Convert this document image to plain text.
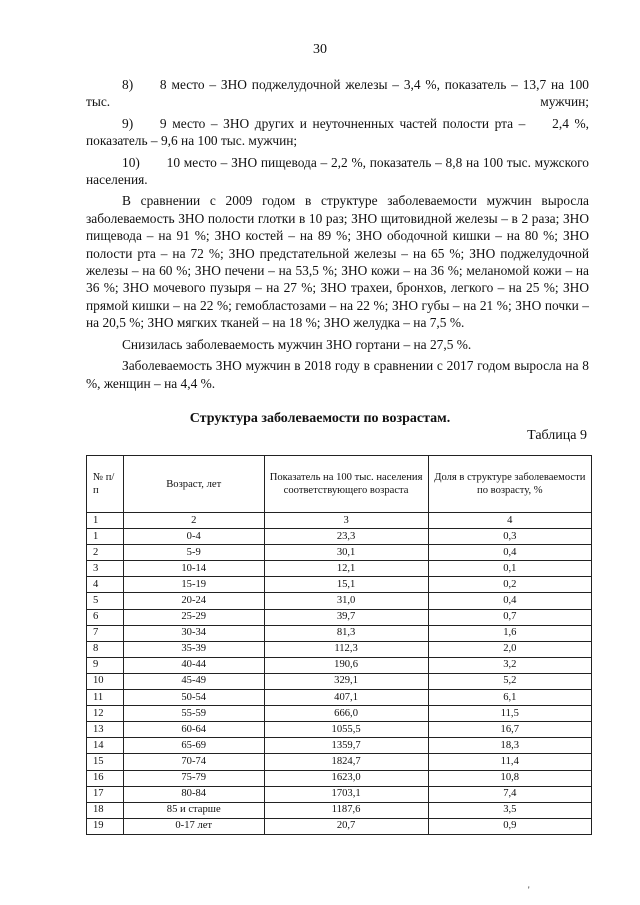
30

8)  8 место – ЗНО поджелудочной железы – 3,4 %, показатель – 13,7 на 100 тыс. мужчин;

9)  9 место – ЗНО других и неуточненных частей полости рта –  2,4 %, показатель – 9,6 на 100 тыс. мужчин;

10)  10 место – ЗНО пищевода – 2,2 %, показатель – 8,8 на 100 тыс. мужского населения.

В сравнении с 2009 годом в структуре заболеваемости мужчин выросла заболеваемость ЗНО полости глотки в 10 раз; ЗНО щитовидной железы – в 2 раза; ЗНО пищевода – на 91 %; ЗНО костей – на 89 %; ЗНО ободочной кишки – на 80 %; ЗНО полости рта – на 72 %; ЗНО предстательной железы – на 65 %; ЗНО поджелудочной железы – на 60 %; ЗНО печени – на 53,5 %; ЗНО кожи – на 36 %; меланомой кожи – на 36 %; ЗНО мочевого пузыря – на 27 %; ЗНО трахеи, бронхов, легкого – на 25 %; ЗНО прямой кишки – на 22 %; гемобластозами – на 22 %; ЗНО губы – на 21 %; ЗНО почки – на 20,5 %; ЗНО мягких тканей – на 18 %; ЗНО желудка – на 7,5 %.

Снизилась заболеваемость мужчин ЗНО гортани – на 27,5 %.

Заболеваемость ЗНО мужчин в 2018 году в сравнении с 2017 годом выросла на 8 %, женщин – на 4,4 %.

Структура заболеваемости по возрастам.
Таблица 9
№ п/п	Возраст, лет	Показатель на 100 тыс. населения соответствующего возраста	Доля в структуре заболеваемости по возрасту, %
1	2	3	4
1	0-4	23,3	0,3
2	5-9	30,1	0,4
3	10-14	12,1	0,1
4	15-19	15,1	0,2
5	20-24	31,0	0,4
6	25-29	39,7	0,7
7	30-34	81,3	1,6
8	35-39	112,3	2,0
9	40-44	190,6	3,2
10	45-49	329,1	5,2
11	50-54	407,1	6,1
12	55-59	666,0	11,5
13	60-64	1055,5	16,7
14	65-69	1359,7	18,3
15	70-74	1824,7	11,4
16	75-79	1623,0	10,8
17	80-84	1703,1	7,4
18	85 и старше	1187,6	3,5
19	0-17 лет	20,7	0,9
'
